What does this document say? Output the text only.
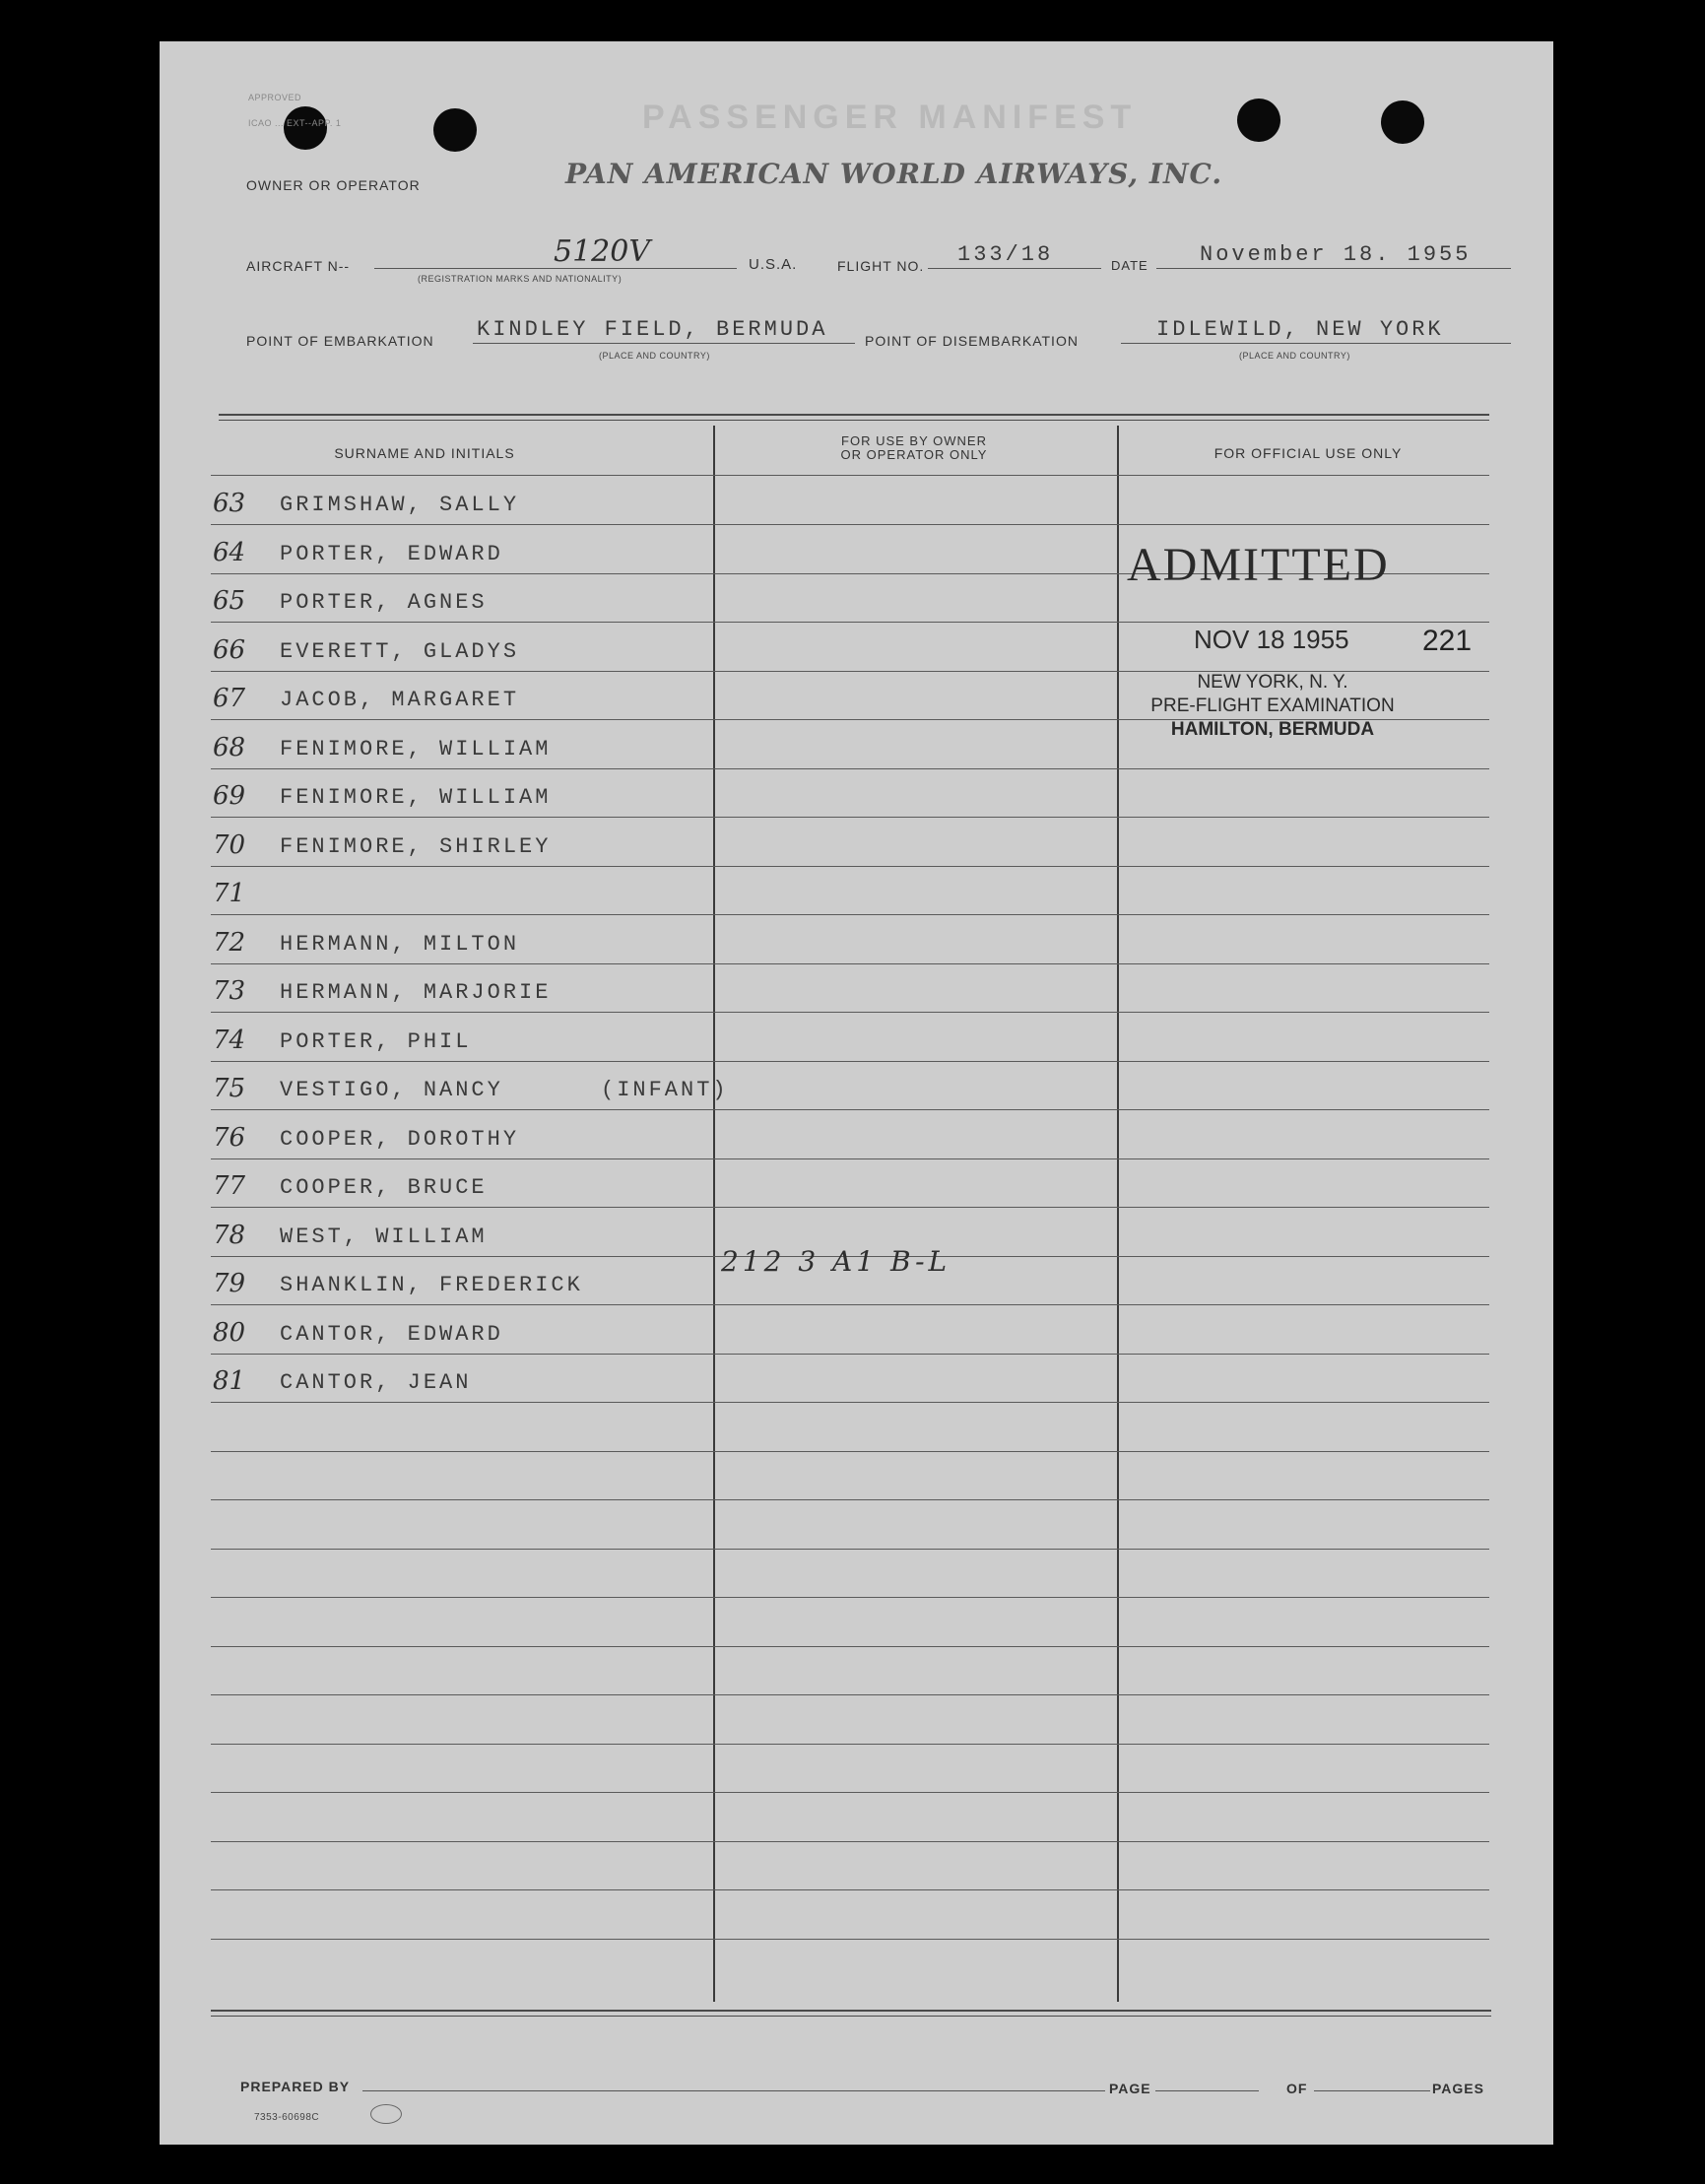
APPROVED
ICAO ... EXT--APP. 1	PASSENGER MANIFEST
OWNER OR OPERATOR	PAN AMERICAN WORLD AIRWAYS, INC.
AIRCRAFT N--	5120V
(REGISTRATION MARKS AND NATIONALITY)
U.S.A.	FLIGHT NO. 133/18	DATE November 18. 1955
POINT OF EMBARKATION KINDLEY FIELD, BERMUDA
(PLACE AND COUNTRY)
POINT OF DISEMBARKATION	IDLEWILD, NEW YORK
(PLACE AND COUNTRY)
SURNAME AND INITIALS
FOR USE BY OWNER
OR OPERATOR ONLY	FOR OFFICIAL USE ONLY
63 GRIMSHAW, SALLY
64 PORTER, EDWARD
65 PORTER, AGNES
66 EVERETT, GLADYS
67 JACOB, MARGARET
68 FENIMORE, WILLIAM
69 FENIMORE, WILLIAM
70 FENIMORE, SHIRLEY
71
72 HERMANN, MILTON
73 HERMANN, MARJORIE
74 PORTER, PHIL
75 VESTIGO, NANCY	(INFANT)
76 COOPER, DOROTHY
77 COOPER, BRUCE
78 WEST, WILLIAM
79 SHANKLIN, FREDERICK
80 CANTOR, EDWARD
81 CANTOR, JEAN
212 3 A1 B-L
ADMITTED
NOV 18 1955
NEW YORK, N. Y.
PRE-FLIGHT EXAMINATION
HAMILTON, BERMUDA
221
PREPARED BY	PAGE	OF	PAGES
7353-60698C
